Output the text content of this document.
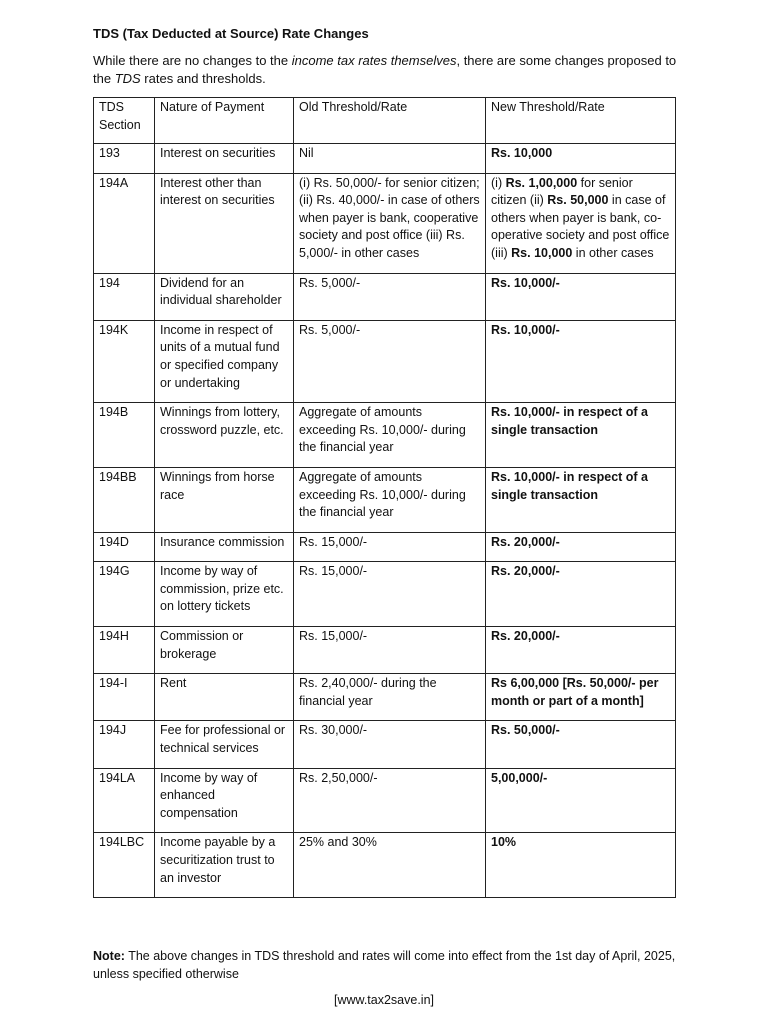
TDS (Tax Deducted at Source) Rate Changes
While there are no changes to the income tax rates themselves, there are some changes proposed to the TDS rates and thresholds.
TDS Section	Nature of Payment	Old Threshold/Rate	New Threshold/Rate
193	Interest on securities	Nil	Rs. 10,000
194A	Interest other than interest on securities	(i) Rs. 50,000/- for senior citizen; (ii) Rs. 40,000/- in case of others when payer is bank, cooperative society and post office (iii) Rs. 5,000/- in other cases	(i) Rs. 1,00,000 for senior citizen (ii) Rs. 50,000 in case of others when payer is bank, co-operative society and post office (iii) Rs. 10,000 in other cases
194	Dividend for an individual shareholder	Rs. 5,000/-	Rs. 10,000/-
194K	Income in respect of units of a mutual fund or specified company or undertaking	Rs. 5,000/-	Rs. 10,000/-
194B	Winnings from lottery, crossword puzzle, etc.	Aggregate of amounts exceeding Rs. 10,000/- during the financial year	Rs. 10,000/- in respect of a single transaction
194BB	Winnings from horse race	Aggregate of amounts exceeding Rs. 10,000/- during the financial year	Rs. 10,000/- in respect of a single transaction
194D	Insurance commission	Rs. 15,000/-	Rs. 20,000/-
194G	Income by way of commission, prize etc. on lottery tickets	Rs. 15,000/-	Rs. 20,000/-
194H	Commission or brokerage	Rs. 15,000/-	Rs. 20,000/-
194-I	Rent	Rs. 2,40,000/- during the financial year	Rs 6,00,000 [Rs. 50,000/- per month or part of a month]
194J	Fee for professional or technical services	Rs. 30,000/-	Rs. 50,000/-
194LA	Income by way of enhanced compensation	Rs. 2,50,000/-	5,00,000/-
194LBC	Income payable by a securitization trust to an investor	25% and 30%	10%
Note: The above changes in TDS threshold and rates will come into effect from the 1st day of April, 2025, unless specified otherwise
[www.tax2save.in]
